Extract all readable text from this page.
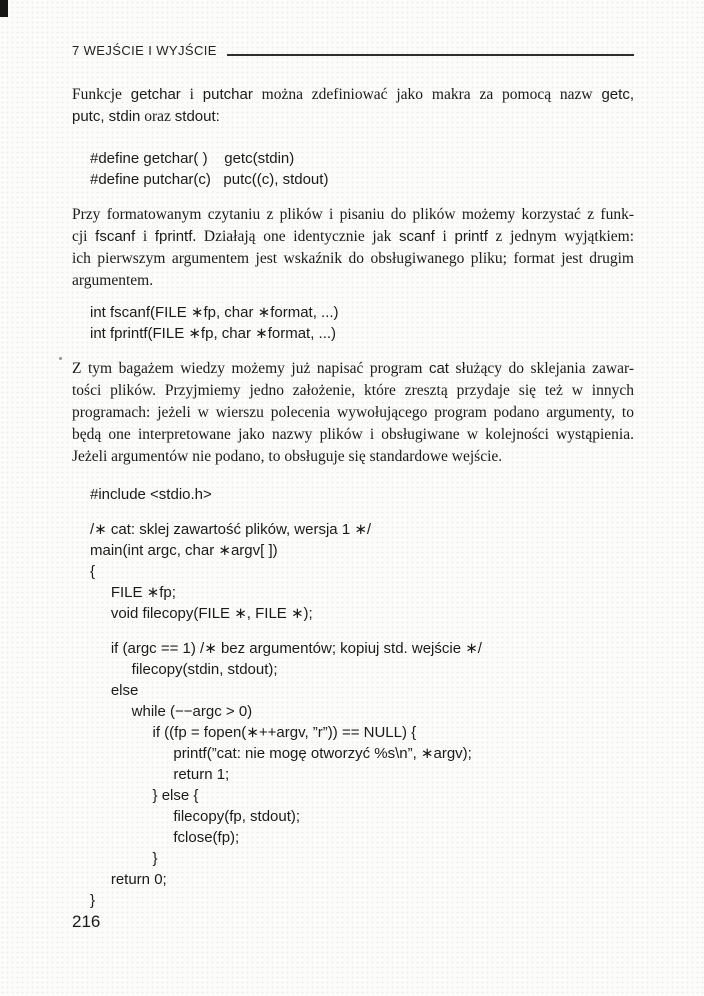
7 WEJŚCIE I WYJŚCIE
Funkcje getchar i putchar można zdefiniować jako makra za pomocą nazw getc,
putc, stdin oraz stdout:
#define getchar( )    getc(stdin)
#define putchar(c)   putc((c), stdout)
Przy formatowanym czytaniu z plików i pisaniu do plików możemy korzystać z funk-
cji fscanf i fprintf. Działają one identycznie jak scanf i printf z jednym wyjątkiem:
ich pierwszym argumentem jest wskaźnik do obsługiwanego pliku; format jest drugim
argumentem.
int fscanf(FILE ∗fp, char ∗format, ...)
int fprintf(FILE ∗fp, char ∗format, ...)
Z tym bagażem wiedzy możemy już napisać program cat służący do sklejania zawar-
tości plików. Przyjmiemy jedno założenie, które zresztą przydaje się też w innych
programach: jeżeli w wierszu polecenia wywołującego program podano argumenty, to
będą one interpretowane jako nazwy plików i obsługiwane w kolejności wystąpienia.
Jeżeli argumentów nie podano, to obsługuje się standardowe wejście.
#include <stdio.h>
/∗ cat: sklej zawartość plików, wersja 1 ∗/
main(int argc, char ∗argv[ ])
{
FILE ∗fp;
void filecopy(FILE ∗, FILE ∗);
if (argc == 1) /∗ bez argumentów; kopiuj std. wejście ∗/
filecopy(stdin, stdout);
else
while (−−argc > 0)
if ((fp = fopen(∗++argv, ”r”)) == NULL) {
printf(”cat: nie mogę otworzyć %s\n”, ∗argv);
return 1;
} else {
filecopy(fp, stdout);
fclose(fp);
}
return 0;
}
216
